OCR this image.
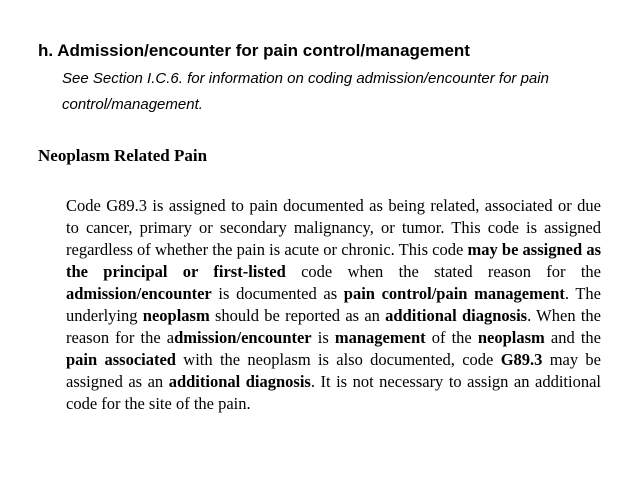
h. Admission/encounter for pain control/management
See Section I.C.6. for information on coding admission/encounter for pain control/management.
Neoplasm Related Pain
Code G89.3 is assigned to pain documented as being related, associated or due to cancer, primary or secondary malignancy, or tumor. This code is assigned regardless of whether the pain is acute or chronic. This code may be assigned as the principal or first-listed code when the stated reason for the admission/encounter is documented as pain control/pain management. The underlying neoplasm should be reported as an additional diagnosis. When the reason for the admission/encounter is management of the neoplasm and the pain associated with the neoplasm is also documented, code G89.3 may be assigned as an additional diagnosis. It is not necessary to assign an additional code for the site of the pain.
